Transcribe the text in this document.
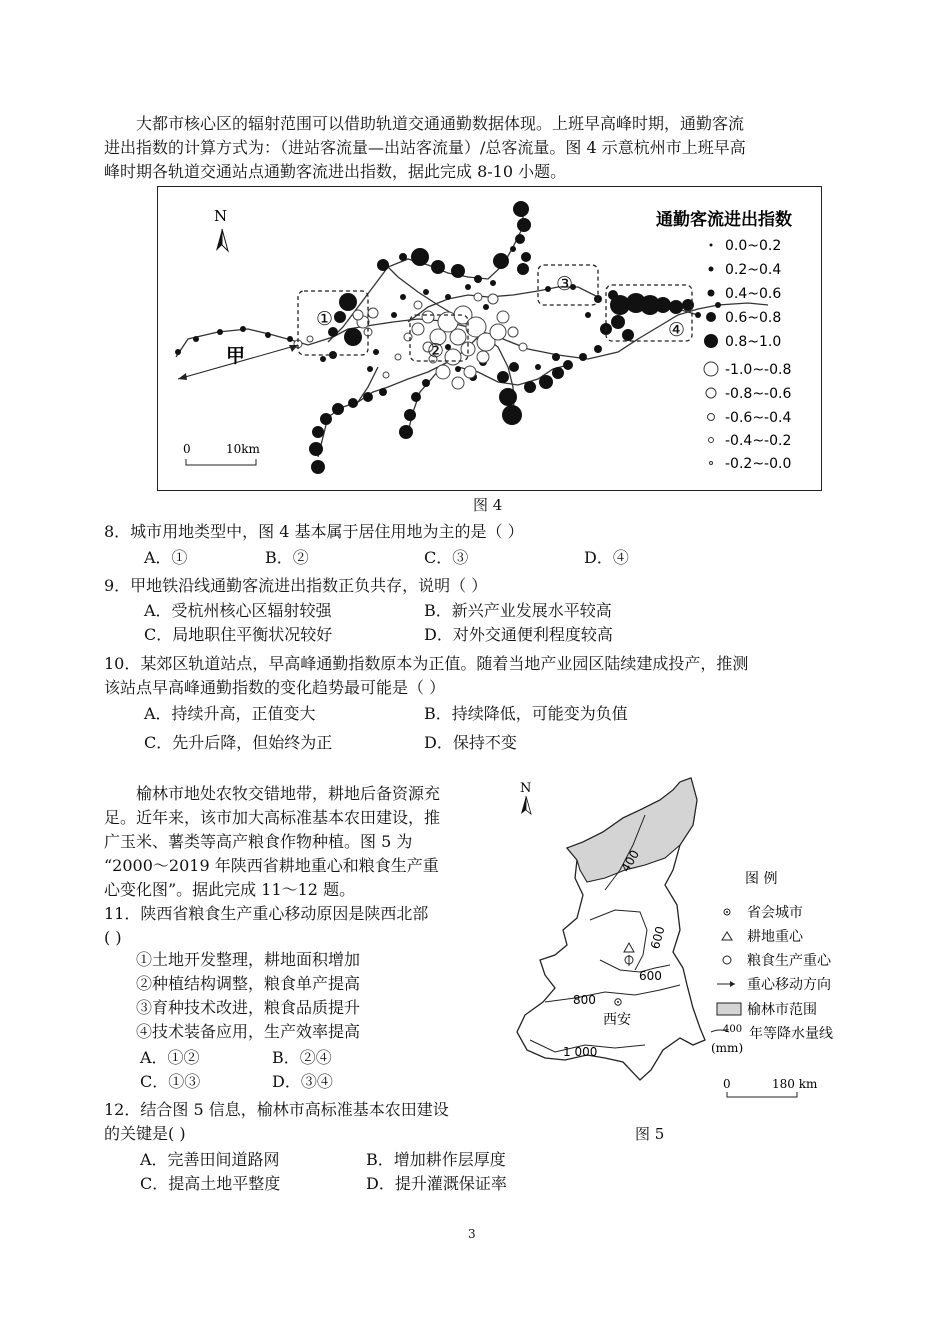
大都市核心区的辐射范围可以借助轨道交通通勤数据体现。上班早高峰时期，通勤客流
进出指数的计算方式为：（进站客流量—出站客流量）/总客流量。图 4 示意杭州市上班早高
峰时期各轨道交通站点通勤客流进出指数，据此完成 8-10 小题。
①
②
③
④
甲
N
0	10km
通勤客流进出指数
0.0~0.2
0.2~0.4
0.4~0.6
0.6~0.8
0.8~1.0
-1.0~-0.8
-0.8~-0.6
-0.6~-0.4
-0.4~-0.2
-0.2~-0.0
图 4
8．城市用地类型中，图 4 基本属于居住用地为主的是（ ）
A．①	B．②	C．③	D．④
9．甲地铁沿线通勤客流进出指数正负共存，说明（ ）
A．受杭州核心区辐射较强	B．新兴产业发展水平较高
C．局地职住平衡状况较好	D．对外交通便利程度较高
10．某郊区轨道站点，早高峰通勤指数原本为正值。随着当地产业园区陆续建成投产，推测
该站点早高峰通勤指数的变化趋势最可能是（ ）
A．持续升高，正值变大	B．持续降低，可能变为负值
C．先升后降，但始终为正	D．保持不变
榆林市地处农牧交错地带，耕地后备资源充
足。近年来，该市加大高标准基本农田建设，推
广玉米、薯类等高产粮食作物种植。图 5 为
“2000～2019 年陕西省耕地重心和粮食生产重
心变化图”。据此完成 11～12 题。
11．陕西省粮食生产重心移动原因是陕西北部
( )
①土地开发整理，耕地面积增加
②种植结构调整，粮食单产提高
③育种技术改进，粮食品质提升
④技术装备应用，生产效率提高
A．①②	B．②④
C．①③	D．③④
12．结合图 5 信息，榆林市高标准基本农田建设
的关键是( )
A．完善田间道路网	B．增加耕作层厚度
C．提高土地平整度	D．提升灌溉保证率
N
400
600
600
800
1 000
西安
图 例
省会城市
耕地重心
粮食生产重心
重心移动方向
榆林市范围
400 年等降水量线
(mm)
0	180 km
图 5
3
